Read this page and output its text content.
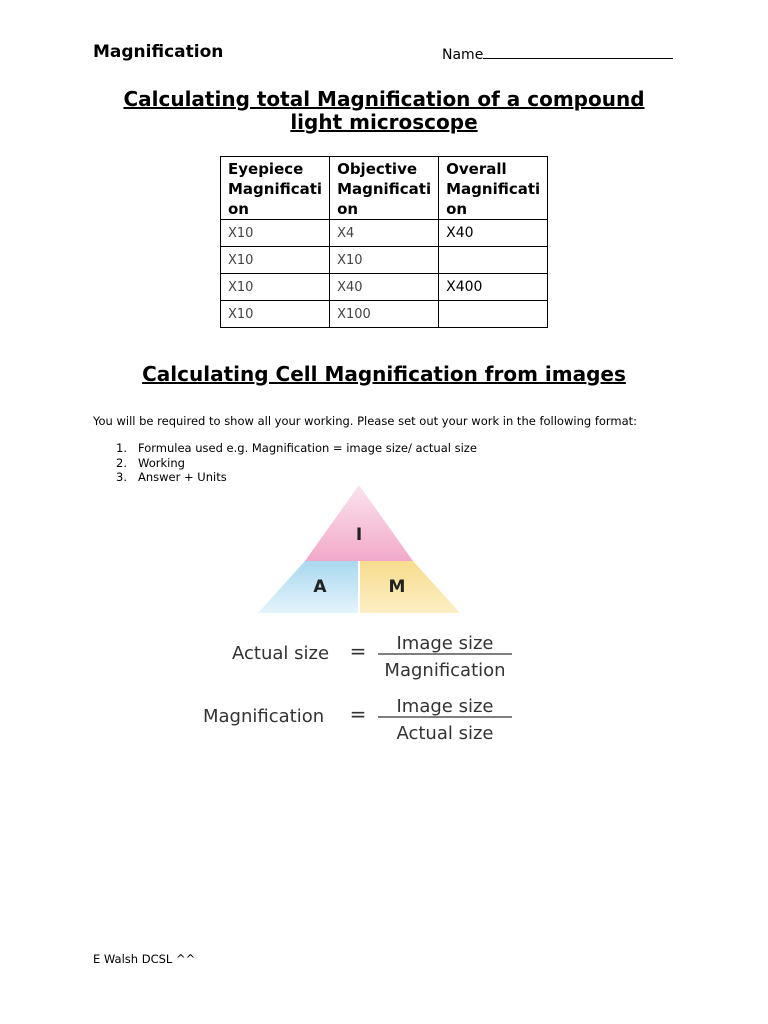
Magnification	Name
Calculating total Magnification of a compound
light microscope
Eyepiece
Magnificati
on	Objective
Magnificati
on	Overall
Magnificati
on
X10	X4	X40
X10	X10	
X10	X40	X400
X10	X100	
Calculating Cell Magnification from images
You will be required to show all your working. Please set out your work in the following format:
1. Formulea used e.g. Magnification = image size/ actual size
2. Working
3. Answer + Units
I
A	M
Actual size = Image size
Magnification
Magnification = Image size
Actual size
E Walsh DCSL ^^
